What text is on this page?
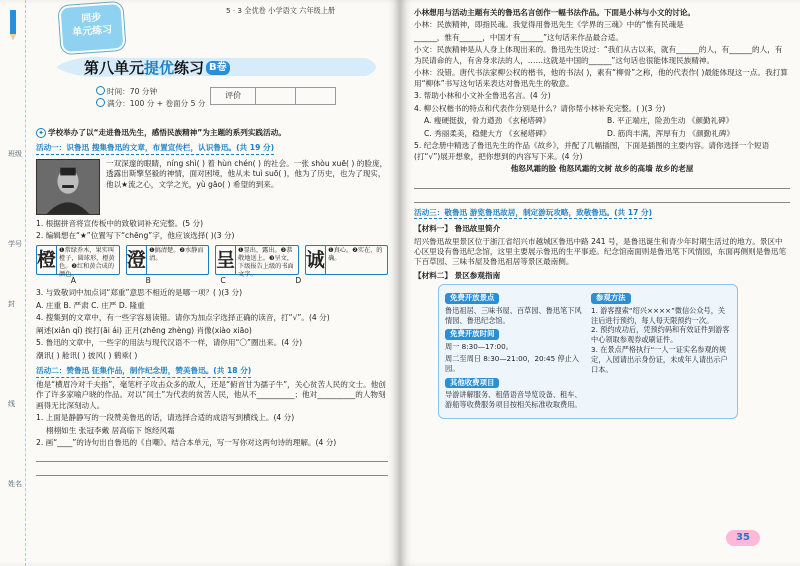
班级
学号
封
线
姓名
同步
单元练习
5 · 3 全优卷 小学语文 六年级上册
第八单元提优练习 B卷
时间：70 分钟
满分：100 分 + 卷面分 5 分
评价

✦ 学校举办了以“走进鲁迅先生，感悟民族精神”为主题的系列实践活动。

活动一：识鲁迅 搜集鲁迅的文章，布置宣传栏，认识鲁迅。(共 19 分)

一双深邃的眼睛，níng shì( ) 着 hùn chén( ) 的社会。一张 shòu xuē( ) 的脸庞，透露出斯擎坚毅的神情，面对困境，他从未 tuì suō( )，他为了历史，也为了现实，他以★流之心，文学之光，yù gāo( ) 希望的到来。

1. 根据拼音将宣传板中的致敬词补充完整。(5 分)

2. 编辑想在“★”位置写下“chēng”字，他应该选择( )(3 分)

橙 ❶常绿乔木，果实叫橙子，圆球形，橙黄色。❷红和黄合成的颜色。
澄 ❶搞清楚。❷水静而清。	呈 ❶显出，露出。❷恭敬地送上。❸呈文，下级报告上级的书面文字。
诚 ❶真心。❷实在，的确。
A	B	C	D

3. 与致敬词中加点词“郑重”意思不相近的是哪一项？( )(3 分)

A. 庄重 B. 严肃 C. 庄严 D. 隆重

4. 搜集到的文章中，有一些字容易读错。请你为加点字选择正确的读音，打“√”。(4 分)

阐述(xiǎn qǐ) 挨打(āi ái) 正月(zhēng zhèng) 肖像(xiào xiāo)

5. 鲁迅的文章中，一些字的用法与现代汉语不一样，请你用“〇”圈出来。(4 分)

潮讯( ) 舱讯( ) 披风( ) 鹤乘( )

活动二：赞鲁迅 征集作品，制作纪念册，赞美鲁迅。(共 18 分)

他是“横眉冷对千夫指”，毫笔杆子攻击众多的敌人，还是“俯首甘为孺子牛”，关心贫苦人民的文士。他创作了许多家喻户晓的作品。对以“闰土”为代表的贫苦人民，他从不__________；他对__________的人物刻画得无比深刻动人。

1. 上面是静静写的一段赞美鲁迅的话，请选择合适的成语写到横线上。(4 分)

栩栩如生 张冠李戴 居高临下 饱经风霜

2. 画“____”的诗句出自鲁迅的《自嘲》。结合本单元，写一写你对这两句诗的理解。(4 分)

小林想用与活动主题有关的鲁迅名言创作一幅书法作品。下面是小林与小文的讨论。

小林：民族精神，即指民魂。我觉得用鲁迅先生《学界的三魂》中的“惟有民魂是

______，惟有______，中国才有______”这句话来作品最合适。

小文：民族精神是从人身上体现出来的。鲁迅先生说过：“我们从古以来，就有______的人，有______的人，有为民请命的人，有舍身求法的人，……这就是中国的______”这句话也很能体现民族精神。

小林：没错。唐代书法家柳公权的楷书，他的书法( )，素有“柳骨”之称，他的代表作( )最能体现这一点。我打算用“柳体”书写这句话来表达对鲁迅先生的敬意。

3. 帮助小林和小文补全鲁迅名言。(4 分)

4. 柳公权楷书的特点和代表作分别是什么？请你帮小林补充完整。( )(3 分)

A. 瘦硬挺拔，骨力遒劲 《玄秘塔碑》	B. 平正端庄，险劲生动 《颜勤礼碑》

C. 秀丽柔美，稳健大方 《玄秘塔碑》	D. 筋肉丰满，浑厚有力 《颜勤礼碑》

5. 纪念册中精选了鲁迅先生的作品《故乡》，并配了几幅插图，下面是插图的主要内容。请你选择一个短语(打“√”)展开想象，把你想到的内容写下来。(4 分)

他怒风霜的脸 他怒风霜的文树 故乡的高墙 故乡的老屋

活动三：敬鲁迅 游览鲁迅故居，制定游玩攻略，致敬鲁迅。(共 17 分)

【材料一】 鲁迅故里简介

绍兴鲁迅故里景区位于浙江省绍兴市越城区鲁迅中路 241 号，是鲁迅诞生和青少年时期生活过的地方。景区中心区里设有鲁迅纪念馆，这里主要展示鲁迅的生平事迹。纪念馆南面则是鲁迅笔下风情园，东面再侧则是鲁迅笔下百草园、三味书屋及鲁迅祖居等景区最南侧。

【材料二】 景区参观指南

免费开放景点

鲁迅祖居、三味书屋、百草园、鲁迅笔下风情园、鲁迅纪念馆。

免费开放时间

周一 8:30—17:00。

周二至周日 8:30—21:00，20:45 停止入园。

其他收费项目

导游讲解服务、租借语音导览设备、租车、游船等收费服务项目按相关标准收取费用。

参观方法

1. 游客搜索“绍兴××××”微信公众号，关注后进行预约，每人每天限预约一次。
2. 预约成功后，凭预约码和有效证件到游客中心领取参观券或刷证件。
3. 在景点严格执行“一人一证实名参观的规定，入园请出示身份证，未成年人请出示户口本。

35
